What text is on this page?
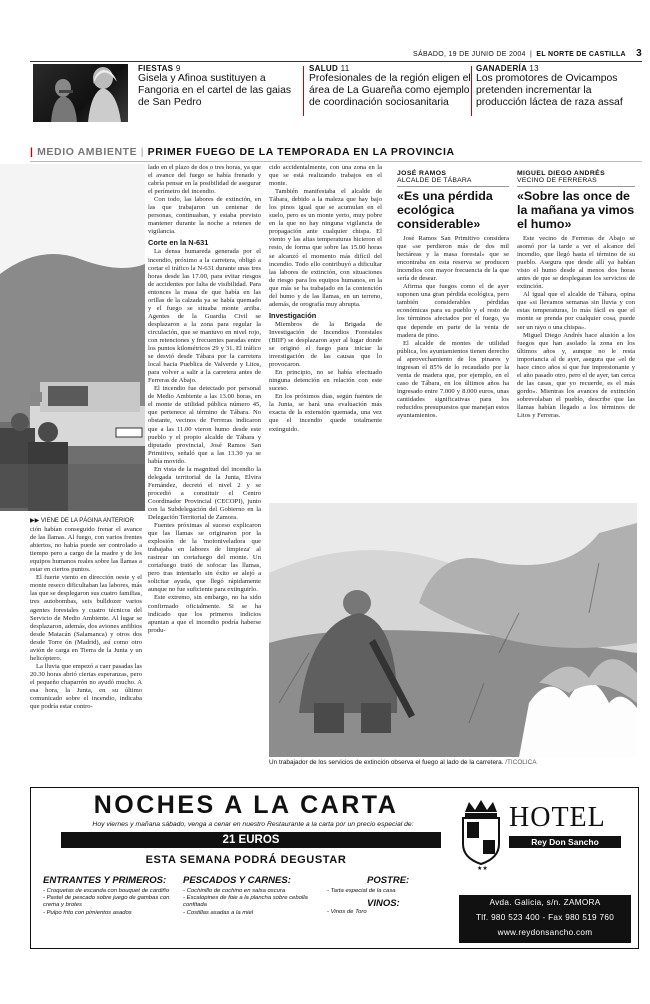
SÁBADO, 19 DE JUNIO DE 2004 | EL NORTE DE CASTILLA 3
FIESTAS 9
Gisela y Afinoa sustituyen a Fangoria en el cartel de las gaias de San Pedro
SALUD 11
Profesionales de la región eligen el área de La Guareña como ejemplo de coordinación sociosanitaria
GANADERÍA 13
Los promotores de Ovicampos pretenden incrementar la producción láctea de raza assaf
| MEDIO AMBIENTE | PRIMER FUEGO DE LA TEMPORADA EN LA PROVINCIA
▶▶ VIENE DE LA PÁGINA ANTERIOR

ción habían conseguido frenar el avance de las llamas. Al fuego, con varios frentes abiertos, no había puede ser controlado a tiempo pero a cargo de la madre y de los equipos humanos reales sobre las llamas a estar en ciertos puntos.

El fuerte viento en dirección oeste y el monte reseco dificultaban las labores, más las que se desplegaron sus cuatro familias, tres autobombas, seis bulldozer varios agentes forestales y cuatro técnicos del Servicio de Medio Ambiente. Al lugar se desplazaron, además, dos aviones anfibios desde Matacán (Salamanca) y otros dos desde Torre ón (Madrid), así como otro avión de carga en Tierra de la Junta y un helicóptero.

La lluvia que empezó a caer pasadas las 20.30 horas abrió ciertas esperanzas, pero el pequeño chaparrón no ayudó mucho. A esa hora, la Junta, en su último comunicado sobre el incendio, indicaba que podría estar contro-

lado en el plazo de dos o tres horas, ya que el avance del fuego se había frenado y cabría pensar en la posibilidad de asegurar el perímetro del incendio.

Con todo, las labores de extinción, en las que trabajaron un centenar de personas, continuaban, y estaba previsto mantener durante la noche a retenes de vigilancia.

Corte en la N-631

La densa humareda generada por el incendio, próximo a la carretera, obligó a cortar el tráfico la N-631 durante unas tres horas desde las 17.00, para evitar riesgos de accidentes por falta de visibilidad. Para entonces la masa de que había en las orillas de la calzada ya se había quemado y el fuego se situaba monte arriba. Agentes de la Guardia Civil se desplazaron a la zona para regular la circulación, que se mantuvo en nivel rojo, con retenciones y frecuentes paradas entre los puntos kilométricos 29 y 31. El tráfico se desvió desde Tábara por la carretera local hacia Pueblica de Valverde y Litos, para volver a salir a la carretera antes de Ferreras de Abajo.

El incendio fue detectado por personal de Medio Ambiente a las 13.00 horas, en el monte de utilidad pública número 45, que pertenece al término de Tábara. No obstante, vecinos de Ferreras indicaron que a las 11.00 vieron humo desde este pueblo y el propio alcalde de Tábara y diputado provincial, José Ramos San Primitivo, señaló que a las 13.30 ya se había movido.

En vista de la magnitud del incendio la delegada territorial de la Junta, Elvira Fernández, decretó el nivel 2 y se procedió a constituir el Centro Coordinador Provincial (CECOPI), junto con la Subdelegación del Gobierno en la Delegación Territorial de Zamora.

Fuentes próximas al suceso explicaron que las llamas se originaron por la explosión de la 'motoniveladora que trabajaba en labores de limpieza' al rastrear un cortafuego del monte. Un cortafuego trató de sofocar las llamas, pero tras intentarlo sin éxito se alejó a solicitar ayuda, que llegó rápidamente aunque no fue suficiente para extinguirlo.

Este extremo, sin embargo, no ha sido confirmado oficialmente. Si se ha indicado que los primeros indicios apuntan a que el incendio podría haberse produ-

cido accidentalmente, con una zona en la que se está realizando trabajos en el monte.

También manifestaba el alcalde de Tábara, debido a la maleza que hay bajo los pinos igual que se acumulan en el suelo, pero es un monte yerto, muy pobre en la que no hay ninguna vigilancia de propagación ante cualquier chispa. El viento y las altas temperaturas hicieron el resto, de forma que sobre las 15.00 horas se alcanzó el momento más difícil del incendio. Todo ello contribuyó a dificultar las labores de extinción, con situaciones de riesgo para los equipos humanos, en la que más se ha trabajado en la contención del humo y de las llamas, en un terreno, además, de orografía muy abrupta.

Investigación

Miembros de la Brigada de Investigación de Incendios Forestales (BIIF) se desplazaron ayer al lugar donde se originó el fuego para iniciar la investigación de las causas que lo provocaron.

En principio, no se había efectuado ninguna detención en relación con este suceso.

En los próximos días, según fuentes de la Junta, se hará una evaluación más exacta de la extensión quemada, una vez que el incendio quede totalmente extinguido.

JOSÉ RAMOS
ALCALDE DE TÁBARA
«Es una pérdida ecológica considerable»

José Ramos San Primitivo considera que «se perdieron más de dos mil hectáreas y la masa forestal» que se encontraba en esta reserva se producen incendios con mayor frecuencia de la que sería de desear.

Afirma que fuegos como el de ayer suponen una gran pérdida ecológica, pero también considerables pérdidas económicas para su pueblo y el resto de los términos afectados por el fuego, ya que depende en parte de la venta de madera de pino.

El alcalde de montes de utilidad pública, los ayuntamientos tienen derecho al aprovechamiento de los pinares y ingresan el 85% de lo recaudado por la venta de madera que, por ejemplo, en el caso de Tábara, en los últimos años ha ingresado entre 7.000 y 8.000 euros, unas cantidades significativas para los reducidos presupuestos que manejan estos ayuntamientos.

MIGUEL DIEGO ANDRÉS
VECINO DE FERRERAS
«Sobre las once de la mañana ya vimos el humo»

Este vecino de Ferreras de Abajo se asomó por la tarde a ver el alcance del incendio, que llegó hasta el término de su pueblo. Asegura que desde allí ya habían visto el humo desde al menos dos horas antes de que se desplegaran los servicios de extinción.

Al igual que el alcalde de Tábara, opina que «si llevamos semanas sin lluvia y con estas temperaturas, lo más fácil es que el monte se prenda por cualquier cosa, puede ser un rayo o una chispa».

Miguel Diego Andrés hace alusión a los fuegos que han asolado la zona en los últimos años y, aunque no le resta importancia al de ayer, asegura que «el de hace cinco años sí que fue impresionante y el año pasado otro, pero el de ayer, tan cerca de las casas, que yo recuerde, es el más gordo». Mientras los avances de extinción sobrevolaban el pueblo, describe que las llamas habían llegado a los términos de Litos y Ferreras.

Un trabajador de los servicios de extinción observa el fuego al lado de la carretera. /TICOLICA
NOCHES A LA CARTA
Hoy viernes y mañana sábado, venga a cenar en nuestro Restaurante a la carta por un precio especial de:
21 EUROS
ESTA SEMANA PODRÁ DEGUSTAR
ENTRANTES Y PRIMEROS:
- Croquetas de escanda con bouquet de cardiño
- Pastel de pescado sobre juego de gambas con crema y brotes
- Pulpo frito con pimientos asados
PESCADOS Y CARNES:
- Cochinillo de cochino en salsa oscura
- Escalopines de foie a la plancha sobre cebolla confitada
- Costillas asadas a la miel
POSTRE:
- Tarta especial de la casa
VINOS:
- Vinos de Toro
★★
HOTEL
Rey Don Sancho
Avda. Galicia, s/n. ZAMORA
Tlf. 980 523 400 - Fax 980 519 760
www.reydonsancho.com
